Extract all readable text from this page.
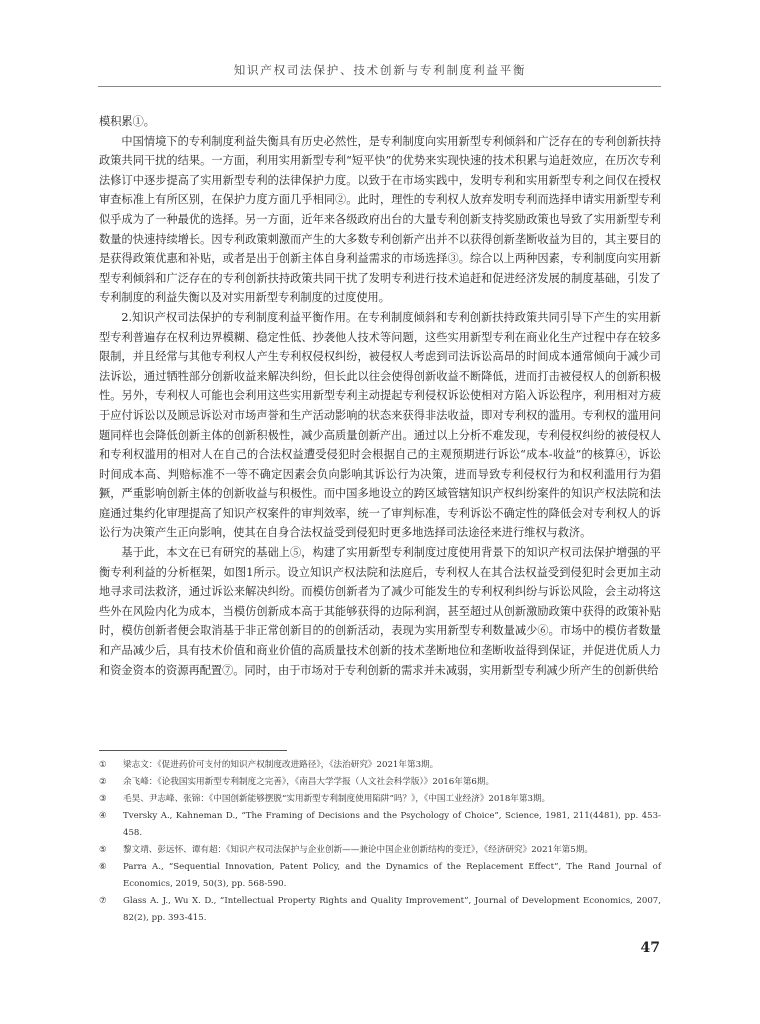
知识产权司法保护、技术创新与专利制度利益平衡

模积累①。

中国情境下的专利制度利益失衡具有历史必然性，是专利制度向实用新型专利倾斜和广泛存在的专利创新扶持政策共同干扰的结果。一方面，利用实用新型专利“短平快”的优势来实现快速的技术积累与追赶效应，在历次专利法修订中逐步提高了实用新型专利的法律保护力度。以致于在市场实践中，发明专利和实用新型专利之间仅在授权审查标准上有所区别，在保护力度方面几乎相同②。此时，理性的专利权人放弃发明专利而选择申请实用新型专利似乎成为了一种最优的选择。另一方面，近年来各级政府出台的大量专利创新支持奖励政策也导致了实用新型专利数量的快速持续增长。因专利政策刺激而产生的大多数专利创新产出并不以获得创新垄断收益为目的，其主要目的是获得政策优惠和补贴，或者是出于创新主体自身利益需求的市场选择③。综合以上两种因素，专利制度向实用新型专利倾斜和广泛存在的专利创新扶持政策共同干扰了发明专利进行技术追赶和促进经济发展的制度基础，引发了专利制度的利益失衡以及对实用新型专利制度的过度使用。

2.知识产权司法保护的专利制度利益平衡作用。在专利制度倾斜和专利创新扶持政策共同引导下产生的实用新型专利普遍存在权利边界模糊、稳定性低、抄袭他人技术等问题，这些实用新型专利在商业化生产过程中存在较多限制，并且经常与其他专利权人产生专利权侵权纠纷，被侵权人考虑到司法诉讼高昂的时间成本通常倾向于减少司法诉讼，通过牺牲部分创新收益来解决纠纷，但长此以往会使得创新收益不断降低，进而打击被侵权人的创新积极性。另外，专利权人可能也会利用这些实用新型专利主动提起专利侵权诉讼使相对方陷入诉讼程序，利用相对方疲于应付诉讼以及顾忌诉讼对市场声誉和生产活动影响的状态来获得非法收益，即对专利权的滥用。专利权的滥用问题同样也会降低创新主体的创新积极性，减少高质量创新产出。通过以上分析不难发现，专利侵权纠纷的被侵权人和专利权滥用的相对人在自己的合法权益遭受侵犯时会根据自己的主观预期进行诉讼“成本-收益”的核算④，诉讼时间成本高、判赔标准不一等不确定因素会负向影响其诉讼行为决策，进而导致专利侵权行为和权利滥用行为猖獗，严重影响创新主体的创新收益与积极性。而中国多地设立的跨区域管辖知识产权纠纷案件的知识产权法院和法庭通过集约化审理提高了知识产权案件的审判效率，统一了审判标准，专利诉讼不确定性的降低会对专利权人的诉讼行为决策产生正向影响，使其在自身合法权益受到侵犯时更多地选择司法途径来进行维权与救济。

基于此，本文在已有研究的基础上⑤，构建了实用新型专利制度过度使用背景下的知识产权司法保护增强的平衡专利利益的分析框架，如图1所示。设立知识产权法院和法庭后，专利权人在其合法权益受到侵犯时会更加主动地寻求司法救济，通过诉讼来解决纠纷。而模仿创新者为了减少可能发生的专利权利纠纷与诉讼风险，会主动将这些外在风险内化为成本，当模仿创新成本高于其能够获得的边际利润，甚至超过从创新激励政策中获得的政策补贴时，模仿创新者便会取消基于非正常创新目的的创新活动，表现为实用新型专利数量减少⑥。市场中的模仿者数量和产品减少后，具有技术价值和商业价值的高质量技术创新的技术垄断地位和垄断收益得到保证，并促进优质人力和资金资本的资源再配置⑦。同时，由于市场对于专利创新的需求并未减弱，实用新型专利减少所产生的创新供给

①	梁志文：《促进药价可支付的知识产权制度改进路径》，《法治研究》2021年第3期。
②	余飞峰：《论我国实用新型专利制度之完善》，《南昌大学学报（人文社会科学版）》2016年第6期。
③	毛昊、尹志峰、张锦：《中国创新能够摆脱“实用新型专利制度使用陷阱”吗？》，《中国工业经济》2018年第3期。
④	Tversky A., Kahneman D., “The Framing of Decisions and the Psychology of Choice”, Science, 1981, 211(4481), pp. 453-458.
⑤	黎文靖、彭远怀、谭有超：《知识产权司法保护与企业创新——兼论中国企业创新结构的变迁》，《经济研究》2021年第5期。
⑥	Parra A., “Sequential Innovation, Patent Policy, and the Dynamics of the Replacement Effect”, The Rand Journal of Economics, 2019, 50(3), pp. 568-590.
⑦	Glass A. J., Wu X. D., “Intellectual Property Rights and Quality Improvement”, Journal of Development Economics, 2007, 82(2), pp. 393-415.
47
